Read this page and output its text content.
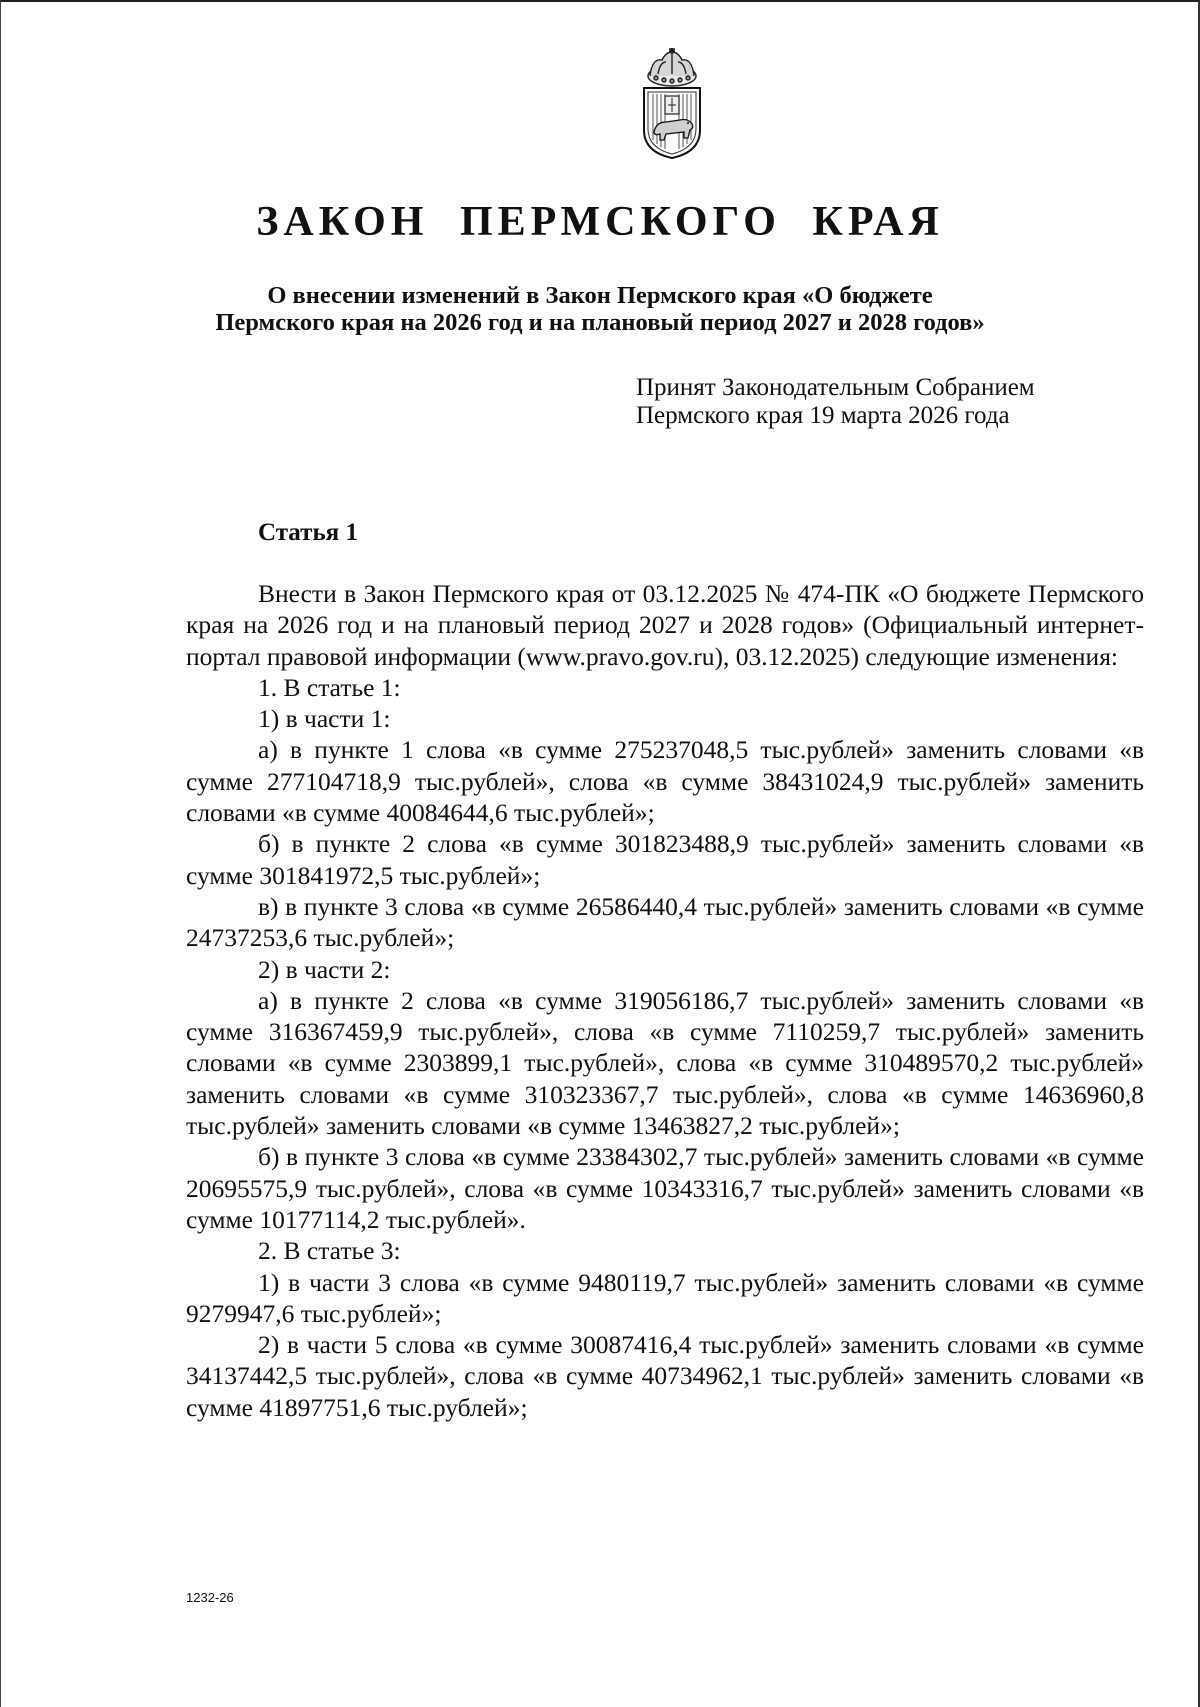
ЗАКОН ПЕРМСКОГО КРАЯ
О внесении изменений в Закон Пермского края «О бюджете
Пермского края на 2026 год и на плановый период 2027 и 2028 годов»
Принят Законодательным Собранием
Пермского края 19 марта 2026 года
Статья 1

Внести в Закон Пермского края от 03.12.2025 № 474-ПК «О бюджете Пермского края на 2026 год и на плановый период 2027 и 2028 годов» (Официальный интернет-портал правовой информации (www.pravo.gov.ru), 03.12.2025) следующие изменения:

1. В статье 1:

1) в части 1:

а) в пункте 1 слова «в сумме 275237048,5 тыс.рублей» заменить словами «в сумме 277104718,9 тыс.рублей», слова «в сумме 38431024,9 тыс.рублей» заменить словами «в сумме 40084644,6 тыс.рублей»;

б) в пункте 2 слова «в сумме 301823488,9 тыс.рублей» заменить словами «в сумме 301841972,5 тыс.рублей»;

в) в пункте 3 слова «в сумме 26586440,4 тыс.рублей» заменить словами «в сумме 24737253,6 тыс.рублей»;

2) в части 2:

а) в пункте 2 слова «в сумме 319056186,7 тыс.рублей» заменить словами «в сумме 316367459,9 тыс.рублей», слова «в сумме 7110259,7 тыс.рублей» заменить словами «в сумме 2303899,1 тыс.рублей», слова «в сумме 310489570,2 тыс.рублей» заменить словами «в сумме 310323367,7 тыс.рублей», слова «в сумме 14636960,8 тыс.рублей» заменить словами «в сумме 13463827,2 тыс.рублей»;

б) в пункте 3 слова «в сумме 23384302,7 тыс.рублей» заменить словами «в сумме 20695575,9 тыс.рублей», слова «в сумме 10343316,7 тыс.рублей» заменить словами «в сумме 10177114,2 тыс.рублей».

2. В статье 3:

1) в части 3 слова «в сумме 9480119,7 тыс.рублей» заменить словами «в сумме 9279947,6 тыс.рублей»;

2) в части 5 слова «в сумме 30087416,4 тыс.рублей» заменить словами «в сумме 34137442,5 тыс.рублей», слова «в сумме 40734962,1 тыс.рублей» заменить словами «в сумме 41897751,6 тыс.рублей»;

1232-26
